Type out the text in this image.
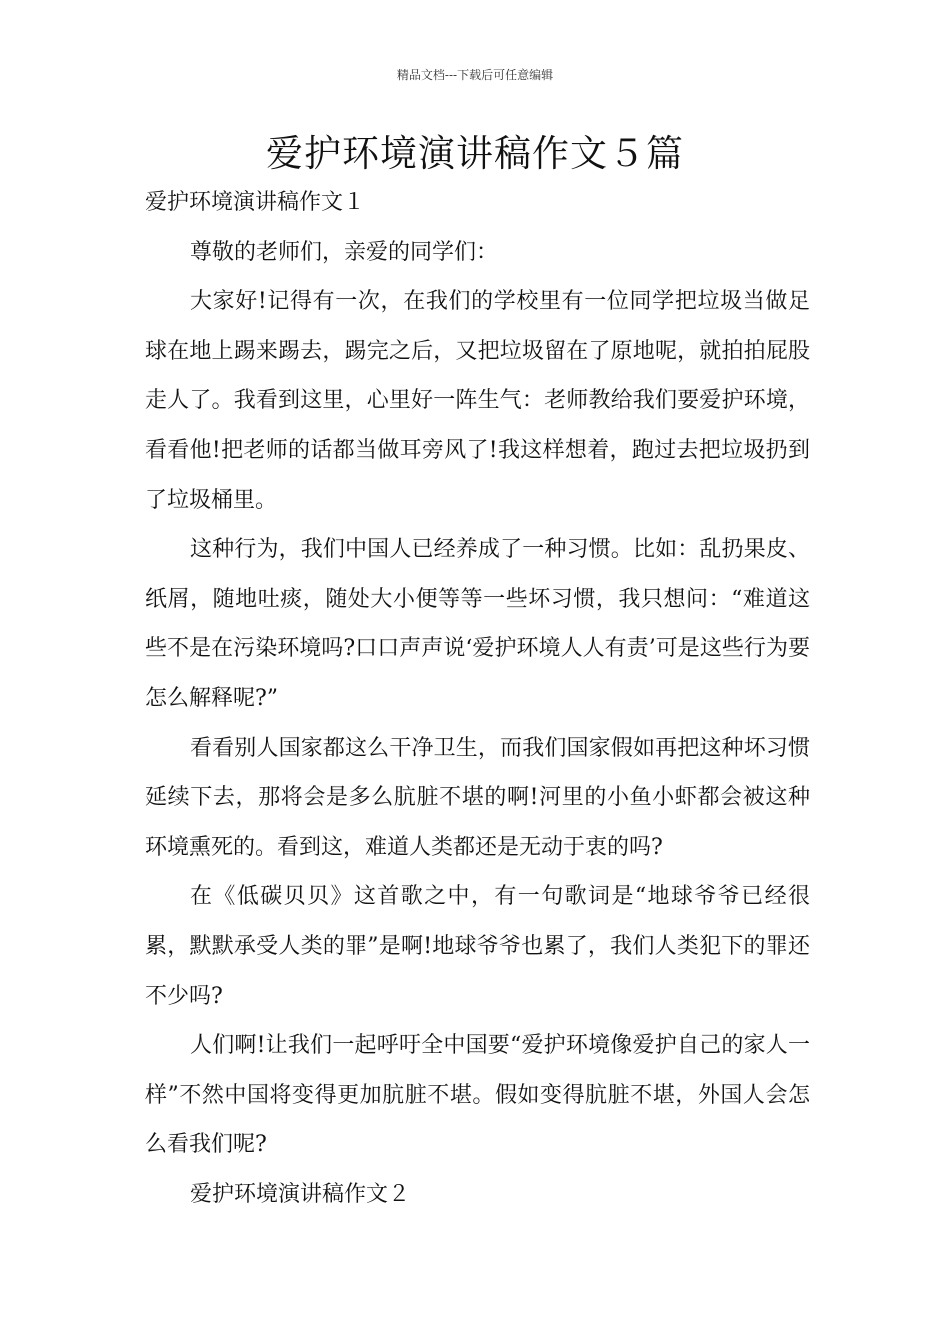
精品文档---下载后可任意编辑
爱护环境演讲稿作文５篇

爱护环境演讲稿作文１

尊敬的老师们，亲爱的同学们：

大家好!记得有一次，在我们的学校里有一位同学把垃圾当做足球在地上踢来踢去，踢完之后，又把垃圾留在了原地呢，就拍拍屁股走人了。我看到这里，心里好一阵生气：老师教给我们要爱护环境，看看他!把老师的话都当做耳旁风了!我这样想着，跑过去把垃圾扔到了垃圾桶里。

这种行为，我们中国人已经养成了一种习惯。比如：乱扔果皮、纸屑，随地吐痰，随处大小便等等一些坏习惯，我只想问：“难道这些不是在污染环境吗?口口声声说‘爱护环境人人有责’可是这些行为要怎么解释呢?”

看看别人国家都这么干净卫生，而我们国家假如再把这种坏习惯延续下去，那将会是多么肮脏不堪的啊!河里的小鱼小虾都会被这种环境熏死的。看到这，难道人类都还是无动于衷的吗?

在《低碳贝贝》这首歌之中，有一句歌词是“地球爷爷已经很累，默默承受人类的罪”是啊!地球爷爷也累了，我们人类犯下的罪还不少吗?

人们啊!让我们一起呼吁全中国要“爱护环境像爱护自己的家人一样”不然中国将变得更加肮脏不堪。假如变得肮脏不堪，外国人会怎么看我们呢?

爱护环境演讲稿作文２
